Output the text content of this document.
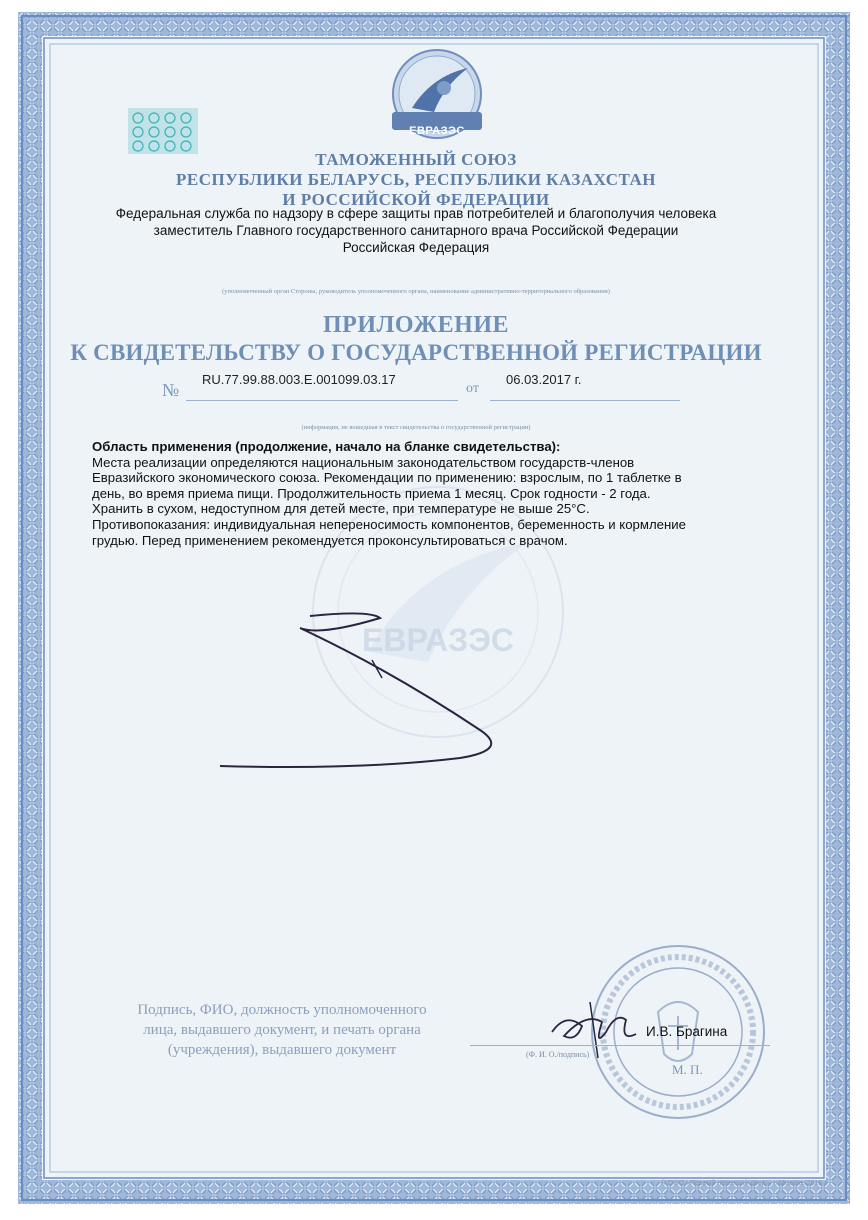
ЕВРАЗЭС
ЕВРАЗЭС
ТАМОЖЕННЫЙ СОЮЗ
РЕСПУБЛИКИ БЕЛАРУСЬ, РЕСПУБЛИКИ КАЗАХСТАН
И РОССИЙСКОЙ ФЕДЕРАЦИИ
Федеральная служба по надзору в сфере защиты прав потребителей и благополучия человека
заместитель Главного государственного санитарного врача Российской Федерации
Российская Федерация
(уполномоченный орган Стороны, руководитель уполномоченного органа, наименование административно-территориального образования)
ПРИЛОЖЕНИЕ
К СВИДЕТЕЛЬСТВУ О ГОСУДАРСТВЕННОЙ РЕГИСТРАЦИИ
№
RU.77.99.88.003.E.001099.03.17
от
06.03.2017 г.
(информация, не вошедшая в текст свидетельства о государственной регистрации)
Область применения (продолжение, начало на бланке свидетельства):
Места реализации определяются национальным законодательством государств-членов
Евразийского экономического союза. Рекомендации по применению: взрослым, по 1 таблетке в
день, во время приема пищи. Продолжительность приема 1 месяц. Срок годности - 2 года.
Хранить в сухом, недоступном для детей месте, при температуре не выше 25°C.
Противопоказания: индивидуальная непереносимость компонентов, беременность и кормление
грудью. Перед применением рекомендуется проконсультироваться с врачом.
Подпись, ФИО, должность уполномоченного
лица, выдавшего документ, и печать органа
(учреждения), выдавшего документ
И.В. Брагина
(Ф. И. О./подпись)
М. П.
© ООО «Первый печатный двор», г. Москва, 2015 г.
